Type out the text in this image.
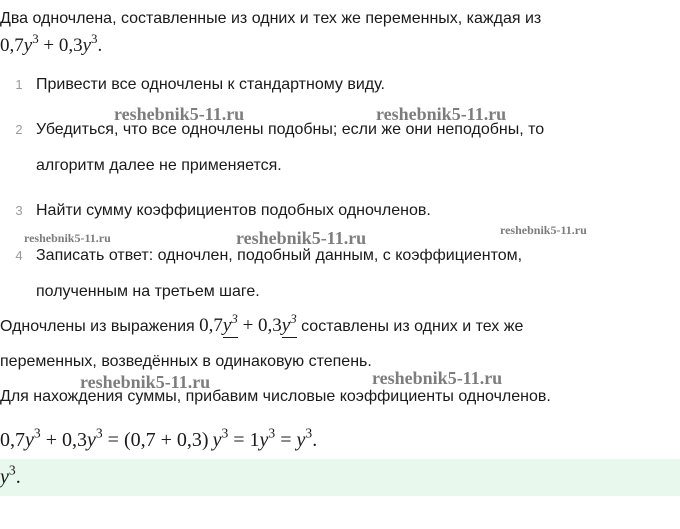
Два одночлена, составленные из одних и тех же переменных, каждая из
$0,7y^3 + 0,3y^3$.
1 Привести все одночлены к стандартному виду.
2 Убедиться, что все одночлены подобны; если же они неподобны, то
алгоритм далее не применяется.
3 Найти сумму коэффициентов подобных одночленов.
4 Записать ответ: одночлен, подобный данным, с коэффициентом,
полученным на третьем шаге.
Одночлены из выражения $0,7y^3 + 0,3y^3$ составлены из одних и тех же
переменных, возведённых в одинаковую степень.
Для нахождения суммы, прибавим числовые коэффициенты одночленов.
$0,7y^3 + 0,3y^3 = (0,7 + 0,3) y^3 = 1y^3 = y^3$.
$y^3$.
reshebnik5-11.ru	reshebnik5-11.ru
reshebnik5-11.ru	reshebnik5-11.ru	reshebnik5-11.ru
reshebnik5-11.ru	reshebnik5-11.ru
